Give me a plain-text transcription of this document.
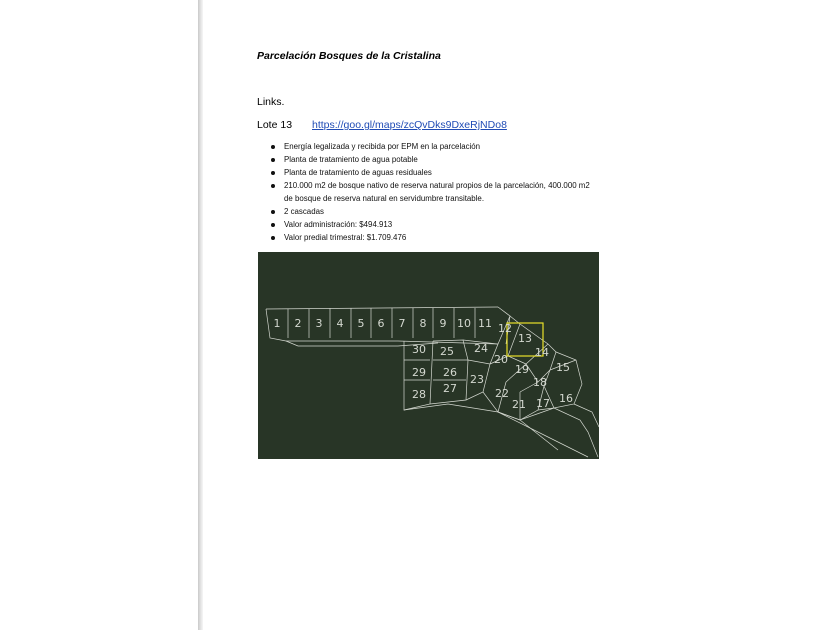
Parcelación Bosques de la Cristalina
Links.
Lote 13 https://goo.gl/maps/zcQvDks9DxeRjNDo8
Energía legalizada y recibida por EPM en la parcelación
Planta de tratamiento de agua potable
Planta de tratamiento de aguas residuales
210.000 m2 de bosque nativo de reserva natural propios de la parcelación, 400.000 m2 de bosque de reserva natural en servidumbre transitable.
2 cascadas
Valor administración: $494.913
Valor predial trimestral: $1.709.476
1 2 3 4 5 6 7 8 9 10 11 12
13
14
15
16
17
18
19
20
21
22
23
24
25
26
27
28
29
30
